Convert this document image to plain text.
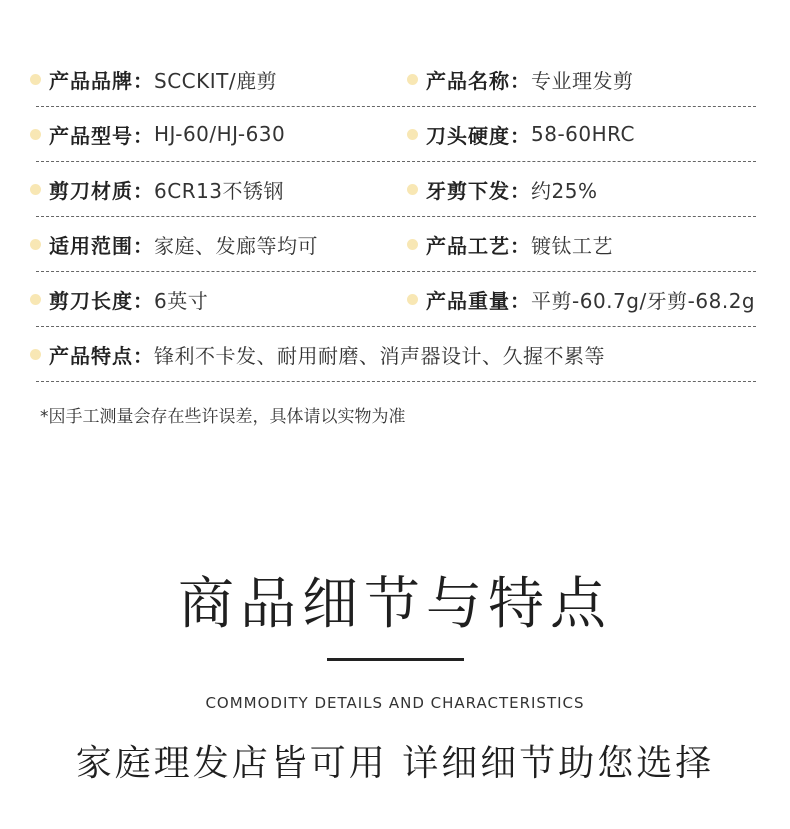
产品品牌： SCCKIT/鹿剪	产品名称： 专业理发剪
产品型号： HJ-60/HJ-630	刀头硬度： 58-60HRC
剪刀材质： 6CR13不锈钢	牙剪下发： 约25%
适用范围： 家庭、发廊等均可	产品工艺： 镀钛工艺
剪刀长度： 6英寸	产品重量： 平剪-60.7g/牙剪-68.2g
产品特点： 锋利不卡发、耐用耐磨、消声器设计、久握不累等
*因手工测量会存在些许误差，具体请以实物为准
商品细节与特点
COMMODITY DETAILS AND CHARACTERISTICS
家庭理发店皆可用 详细细节助您选择
